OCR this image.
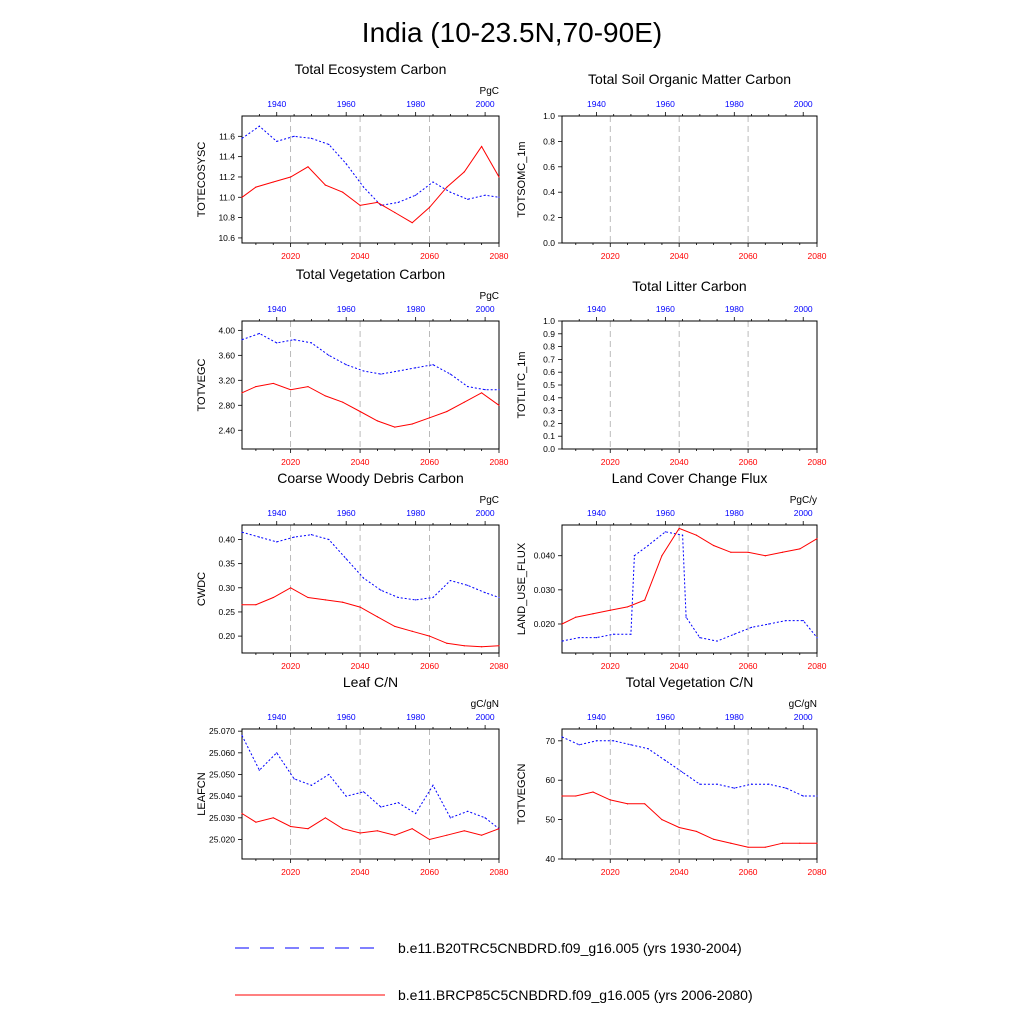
India (10-23.5N,70-90E)
Total Ecosystem Carbon
PgC
TOTECOSYSC
2020	2040	2060	2080
1940	1960	1980	2000
10.6
10.8
11.0
11.2
11.4
11.6
Total Soil Organic Matter Carbon
TOTSOMC_1m
2020	2040	2060	2080
1940	1960	1980	2000
0.0
0.2
0.4
0.6
0.8
1.0
Total Vegetation Carbon
PgC
TOTVEGC
2020	2040	2060	2080
1940	1960	1980	2000
2.40
2.80
3.20
3.60
4.00
Total Litter Carbon
TOTLITC_1m
2020	2040	2060	2080
1940	1960	1980	2000
0.0
0.1
0.2
0.3
0.4
0.5
0.6
0.7
0.8
0.9
1.0
Coarse Woody Debris Carbon
PgC
CWDC
2020	2040	2060	2080
1940	1960	1980	2000
0.20
0.25
0.30
0.35
0.40
Land Cover Change Flux
PgC/y
LAND_USE_FLUX
2020	2040	2060	2080
1940	1960	1980	2000
0.020
0.030
0.040
Leaf C/N
gC/gN
LEAFCN
2020	2040	2060	2080
1940	1960	1980	2000
25.020
25.030
25.040
25.050
25.060
25.070
Total Vegetation C/N
gC/gN
TOTVEGCN
2020	2040	2060	2080
1940	1960	1980	2000
40
50
60
70
b.e11.B20TRC5CNBDRD.f09_g16.005 (yrs 1930-2004)
b.e11.BRCP85C5CNBDRD.f09_g16.005 (yrs 2006-2080)
